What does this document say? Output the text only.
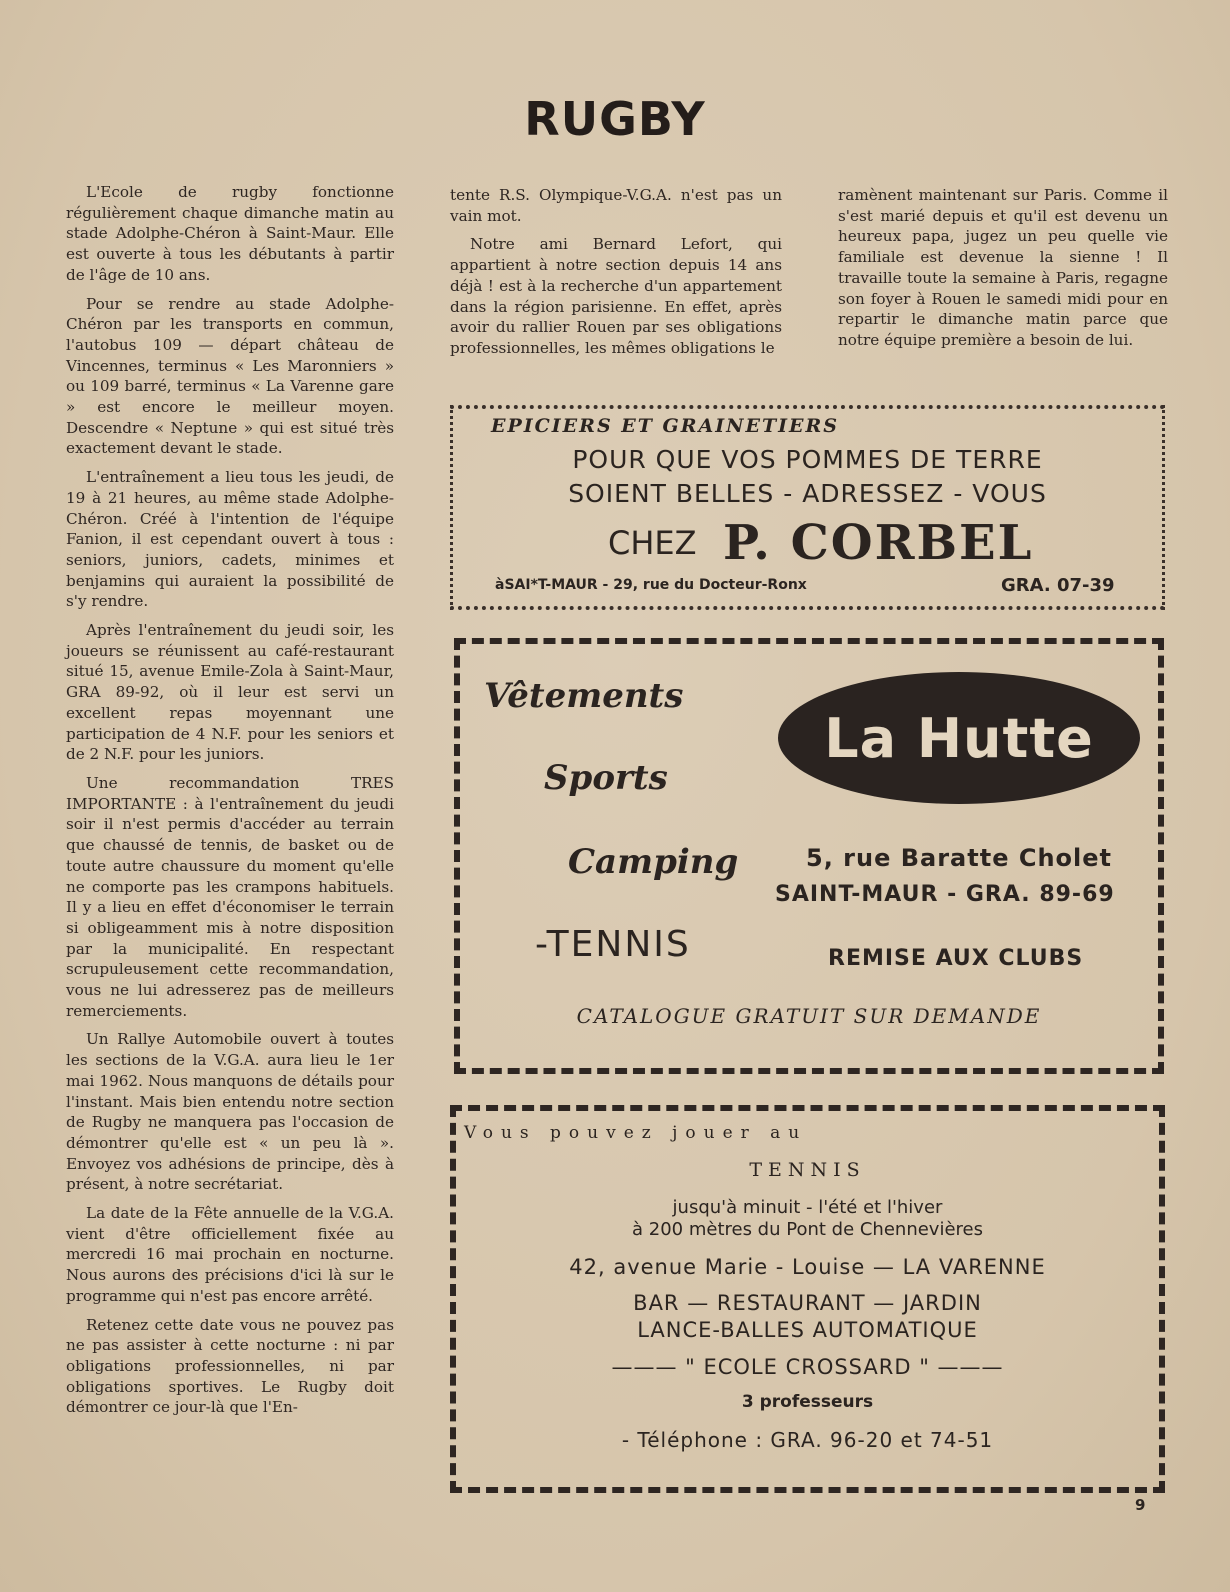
RUGBY

L'Ecole de rugby fonctionne régulièrement chaque dimanche matin au stade Adolphe-Chéron à Saint-Maur. Elle est ouverte à tous les débutants à partir de l'âge de 10 ans.

Pour se rendre au stade Adolphe-Chéron par les transports en commun, l'autobus 109 — départ château de Vincennes, terminus « Les Maronniers » ou 109 barré, terminus « La Varenne gare » est encore le meilleur moyen. Descendre « Neptune » qui est situé très exactement devant le stade.

L'entraînement a lieu tous les jeudi, de 19 à 21 heures, au même stade Adolphe-Chéron. Créé à l'intention de l'équipe Fanion, il est cependant ouvert à tous : seniors, juniors, cadets, minimes et benjamins qui auraient la possibilité de s'y rendre.

Après l'entraînement du jeudi soir, les joueurs se réunissent au café-restaurant situé 15, avenue Emile-Zola à Saint-Maur, GRA 89-92, où il leur est servi un excellent repas moyennant une participation de 4 N.F. pour les seniors et de 2 N.F. pour les juniors.

Une recommandation TRES IMPORTANTE : à l'entraînement du jeudi soir il n'est permis d'accéder au terrain que chaussé de tennis, de basket ou de toute autre chaussure du moment qu'elle ne comporte pas les crampons habituels. Il y a lieu en effet d'économiser le terrain si obligeamment mis à notre disposition par la municipalité. En respectant scrupuleusement cette recommandation, vous ne lui adresserez pas de meilleurs remerciements.

Un Rallye Automobile ouvert à toutes les sections de la V.G.A. aura lieu le 1er mai 1962. Nous manquons de détails pour l'instant. Mais bien entendu notre section de Rugby ne manquera pas l'occasion de démontrer qu'elle est « un peu là ». Envoyez vos adhésions de principe, dès à présent, à notre secrétariat.

La date de la Fête annuelle de la V.G.A. vient d'être officiellement fixée au mercredi 16 mai prochain en nocturne. Nous aurons des précisions d'ici là sur le programme qui n'est pas encore arrêté.

Retenez cette date vous ne pouvez pas ne pas assister à cette nocturne : ni par obligations professionnelles, ni par obligations sportives. Le Rugby doit démontrer ce jour-là que l'En-

tente R.S. Olympique-V.G.A. n'est pas un vain mot.

Notre ami Bernard Lefort, qui appartient à notre section depuis 14 ans déjà ! est à la recherche d'un appartement dans la région parisienne. En effet, après avoir du rallier Rouen par ses obligations professionnelles, les mêmes obligations le

ramènent maintenant sur Paris. Comme il s'est marié depuis et qu'il est devenu un heureux papa, jugez un peu quelle vie familiale est devenue la sienne ! Il travaille toute la semaine à Paris, regagne son foyer à Rouen le samedi midi pour en repartir le dimanche matin parce que notre équipe première a besoin de lui.

EPICIERS ET GRAINETIERS
POUR QUE VOS POMMES DE TERRE
SOIENT BELLES - ADRESSEZ - VOUS
CHEZ P. CORBEL
àSAI*T-MAUR - 29, rue du Docteur-Ronx	GRA. 07-39
Vêtements
Sports
Camping
-TENNIS
La Hutte
5, rue Baratte Cholet
SAINT-MAUR - GRA. 89-69
REMISE AUX CLUBS
CATALOGUE GRATUIT SUR DEMANDE
Vous pouvez jouer au
TENNIS
jusqu'à minuit - l'été et l'hiver
à 200 mètres du Pont de Chennevières
42, avenue Marie - Louise — LA VARENNE
BAR — RESTAURANT — JARDIN
LANCE-BALLES AUTOMATIQUE
——— " ECOLE CROSSARD " ———
3 professeurs
- Téléphone : GRA. 96-20 et 74-51
9
